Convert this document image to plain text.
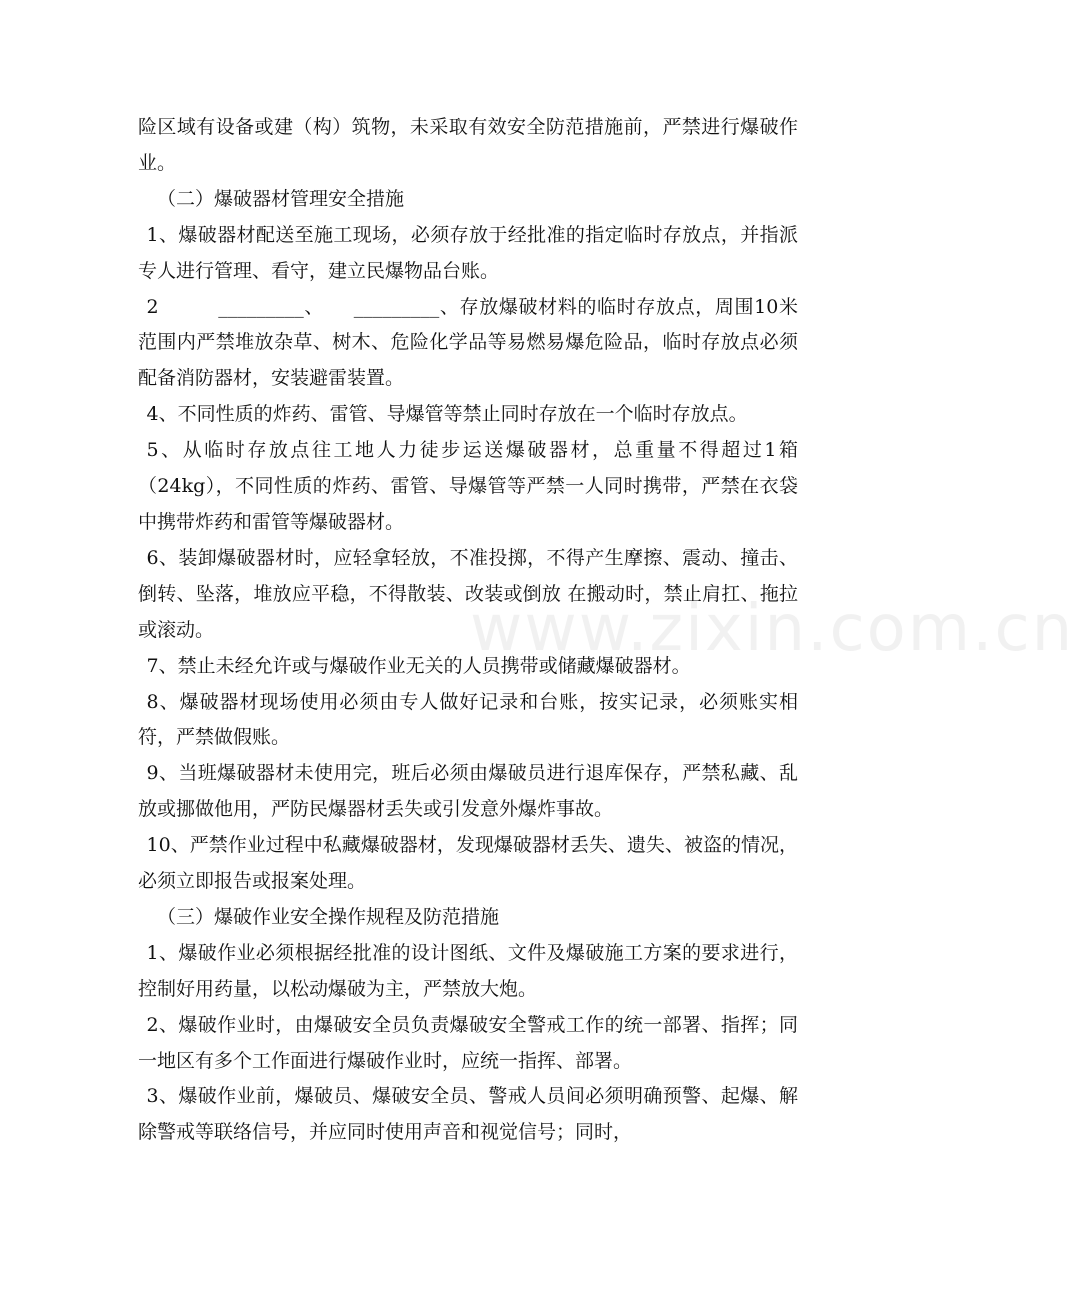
险区域有设备或建（构）筑物，未采取有效安全防范措施前，严禁进行爆破作业。

（二）爆破器材管理安全措施

1、爆破器材配送至施工现场，必须存放于经批准的指定临时存放点，并指派专人进行管理、看守，建立民爆物品台账。

2　　　_________、　　_________、存放爆破材料的临时存放点，周围10米范围内严禁堆放杂草、树木、危险化学品等易燃易爆危险品，临时存放点必须配备消防器材，安装避雷装置。

4、不同性质的炸药、雷管、导爆管等禁止同时存放在一个临时存放点。

5、从临时存放点往工地人力徒步运送爆破器材，总重量不得超过1箱（24kg），不同性质的炸药、雷管、导爆管等严禁一人同时携带，严禁在衣袋中携带炸药和雷管等爆破器材。

6、装卸爆破器材时，应轻拿轻放，不准投掷，不得产生摩擦、震动、撞击、倒转、坠落，堆放应平稳，不得散装、改装或倒放 在搬动时，禁止肩扛、拖拉或滚动。

7、禁止未经允许或与爆破作业无关的人员携带或储藏爆破器材。

8、爆破器材现场使用必须由专人做好记录和台账，按实记录，必须账实相符，严禁做假账。

9、当班爆破器材未使用完，班后必须由爆破员进行退库保存，严禁私藏、乱放或挪做他用，严防民爆器材丢失或引发意外爆炸事故。

10、严禁作业过程中私藏爆破器材，发现爆破器材丢失、遗失、被盗的情况，必须立即报告或报案处理。

（三）爆破作业安全操作规程及防范措施

1、爆破作业必须根据经批准的设计图纸、文件及爆破施工方案的要求进行，控制好用药量，以松动爆破为主，严禁放大炮。

2、爆破作业时，由爆破安全员负责爆破安全警戒工作的统一部署、指挥；同一地区有多个工作面进行爆破作业时，应统一指挥、部署。

3、爆破作业前，爆破员、爆破安全员、警戒人员间必须明确预警、起爆、解除警戒等联络信号，并应同时使用声音和视觉信号；同时，

www.zixin.com.cn
